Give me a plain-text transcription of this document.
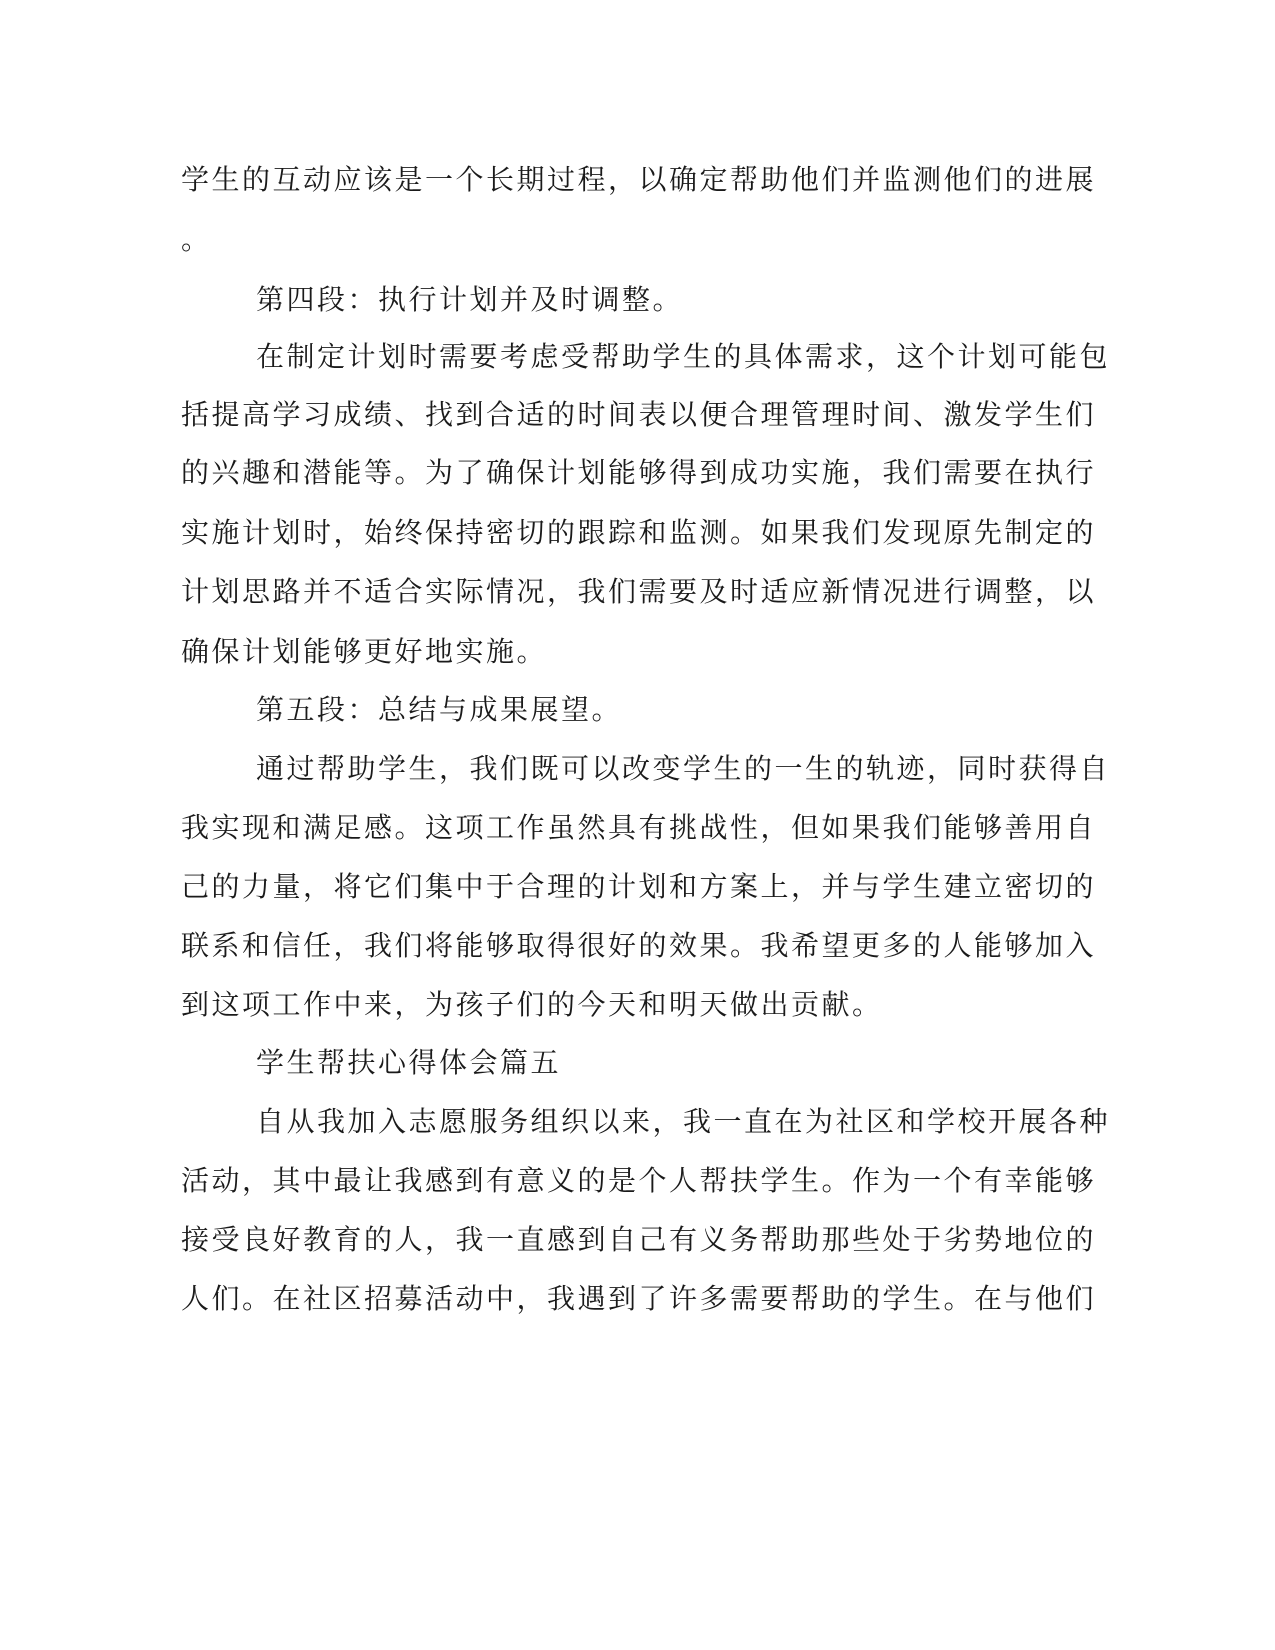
学生的互动应该是一个长期过程，以确定帮助他们并监测他们的进展
。
第四段：执行计划并及时调整。
在制定计划时需要考虑受帮助学生的具体需求，这个计划可能包
括提高学习成绩、找到合适的时间表以便合理管理时间、激发学生们
的兴趣和潜能等。为了确保计划能够得到成功实施，我们需要在执行
实施计划时，始终保持密切的跟踪和监测。如果我们发现原先制定的
计划思路并不适合实际情况，我们需要及时适应新情况进行调整，以
确保计划能够更好地实施。
第五段：总结与成果展望。
通过帮助学生，我们既可以改变学生的一生的轨迹，同时获得自
我实现和满足感。这项工作虽然具有挑战性，但如果我们能够善用自
己的力量，将它们集中于合理的计划和方案上，并与学生建立密切的
联系和信任，我们将能够取得很好的效果。我希望更多的人能够加入
到这项工作中来，为孩子们的今天和明天做出贡献。
学生帮扶心得体会篇五
自从我加入志愿服务组织以来，我一直在为社区和学校开展各种
活动，其中最让我感到有意义的是个人帮扶学生。作为一个有幸能够
接受良好教育的人，我一直感到自己有义务帮助那些处于劣势地位的
人们。在社区招募活动中，我遇到了许多需要帮助的学生。在与他们
